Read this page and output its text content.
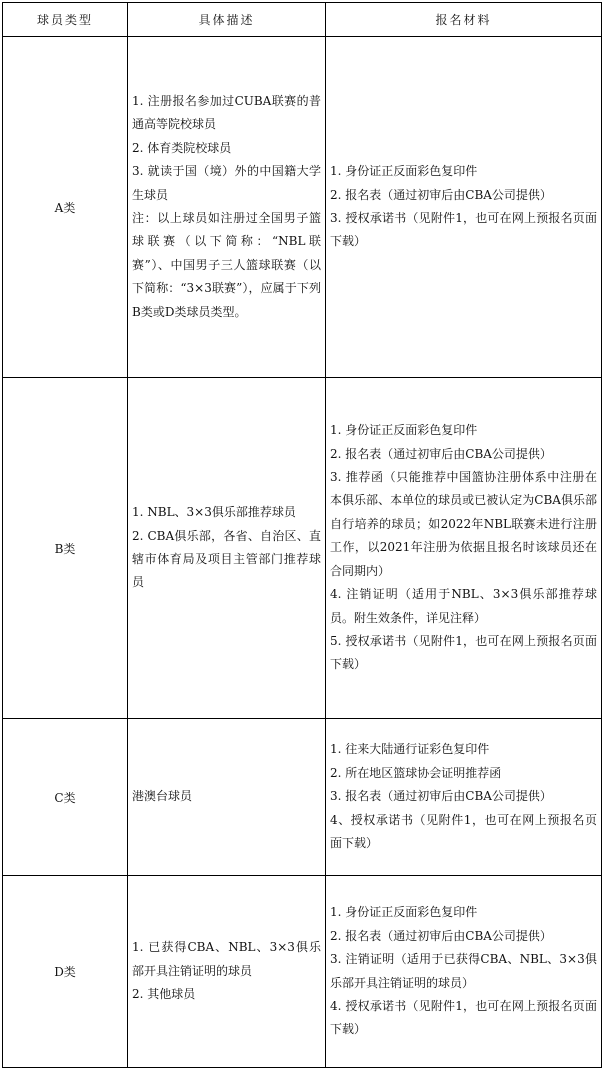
球员类型	具体描述	报名材料
A类	1. 注册报名参加过CUBA联赛的普通高等院校球员
2. 体育类院校球员
3. 就读于国（境）外的中国籍大学生球员
注：以上球员如注册过全国男子篮球联赛（以下简称：“NBL联赛”）、中国男子三人篮球联赛（以下简称：“3×3联赛”），应属于下列B类或D类球员类型。	1. 身份证正反面彩色复印件
2. 报名表（通过初审后由CBA公司提供）
3. 授权承诺书（见附件1，也可在网上预报名页面下载）

B类	1. NBL、3×3俱乐部推荐球员
2. CBA俱乐部，各省、自治区、直辖市体育局及项目主管部门推荐球员	1. 身份证正反面彩色复印件
2. 报名表（通过初审后由CBA公司提供）
3. 推荐函（只能推荐中国篮协注册体系中注册在本俱乐部、本单位的球员或已被认定为CBA俱乐部自行培养的球员；如2022年NBL联赛未进行注册工作，以2021年注册为依据且报名时该球员还在合同期内）
4. 注销证明（适用于NBL、3×3俱乐部推荐球员。附生效条件，详见注释）
5. 授权承诺书（见附件1，也可在网上预报名页面下载）

C类	港澳台球员	1. 往来大陆通行证彩色复印件
2. 所在地区篮球协会证明推荐函
3. 报名表（通过初审后由CBA公司提供）
4、授权承诺书（见附件1，也可在网上预报名页面下载）

D类	1. 已获得CBA、NBL、3×3俱乐部开具注销证明的球员
2. 其他球员	1. 身份证正反面彩色复印件
2. 报名表（通过初审后由CBA公司提供）
3. 注销证明（适用于已获得CBA、NBL、3×3俱乐部开具注销证明的球员）
4. 授权承诺书（见附件1，也可在网上预报名页面下载）
